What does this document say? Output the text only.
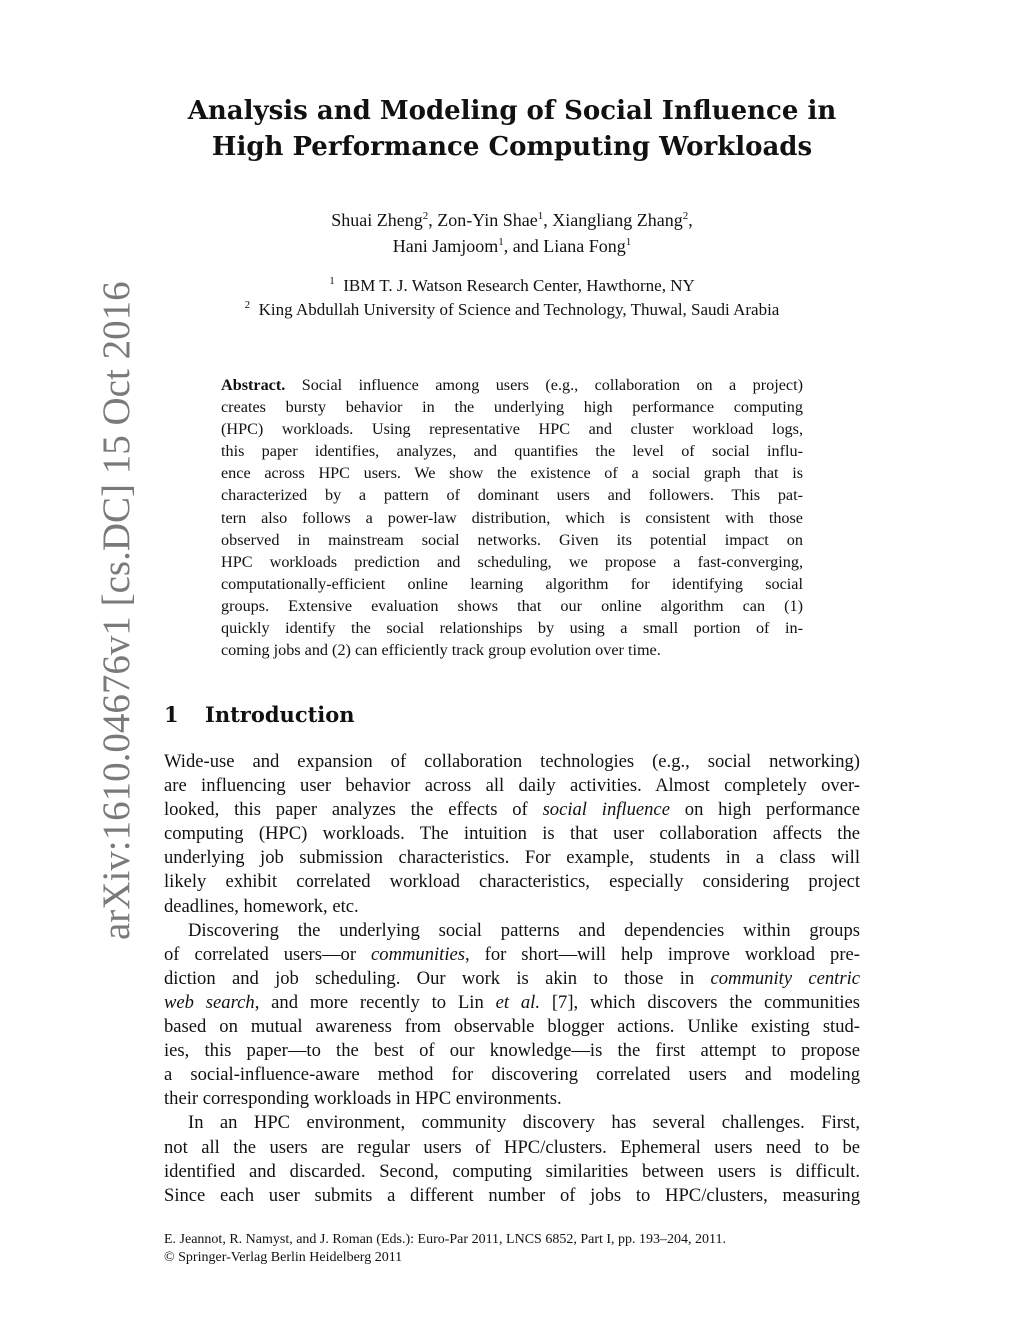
arXiv:1610.04676v1 [cs.DC] 15 Oct 2016
Analysis and Modeling of Social Influence in
High Performance Computing Workloads
Shuai Zheng$^2$, Zon-Yin Shae$^1$, Xiangliang Zhang$^2$,
Hani Jamjoom$^1$, and Liana Fong$^1$
$^1$ IBM T. J. Watson Research Center, Hawthorne, NY
$^2$ King Abdullah University of Science and Technology, Thuwal, Saudi Arabia
Abstract. Social influence among users (e.g., collaboration on a project)
creates bursty behavior in the underlying high performance computing
(HPC) workloads. Using representative HPC and cluster workload logs,
this paper identifies, analyzes, and quantifies the level of social influ-
ence across HPC users. We show the existence of a social graph that is
characterized by a pattern of dominant users and followers. This pat-
tern also follows a power-law distribution, which is consistent with those
observed in mainstream social networks. Given its potential impact on
HPC workloads prediction and scheduling, we propose a fast-converging,
computationally-efficient online learning algorithm for identifying social
groups. Extensive evaluation shows that our online algorithm can (1)
quickly identify the social relationships by using a small portion of in-
coming jobs and (2) can efficiently track group evolution over time.
1 Introduction
Wide-use and expansion of collaboration technologies (e.g., social networking)
are influencing user behavior across all daily activities. Almost completely over-
looked, this paper analyzes the effects of social influence on high performance
computing (HPC) workloads. The intuition is that user collaboration affects the
underlying job submission characteristics. For example, students in a class will
likely exhibit correlated workload characteristics, especially considering project
deadlines, homework, etc.
Discovering the underlying social patterns and dependencies within groups
of correlated users—or communities, for short—will help improve workload pre-
diction and job scheduling. Our work is akin to those in community centric
web search, and more recently to Lin et al. [7], which discovers the communities
based on mutual awareness from observable blogger actions. Unlike existing stud-
ies, this paper—to the best of our knowledge—is the first attempt to propose
a social-influence-aware method for discovering correlated users and modeling
their corresponding workloads in HPC environments.
In an HPC environment, community discovery has several challenges. First,
not all the users are regular users of HPC/clusters. Ephemeral users need to be
identified and discarded. Second, computing similarities between users is difficult.
Since each user submits a different number of jobs to HPC/clusters, measuring
E. Jeannot, R. Namyst, and J. Roman (Eds.): Euro-Par 2011, LNCS 6852, Part I, pp. 193–204, 2011.
© Springer-Verlag Berlin Heidelberg 2011
